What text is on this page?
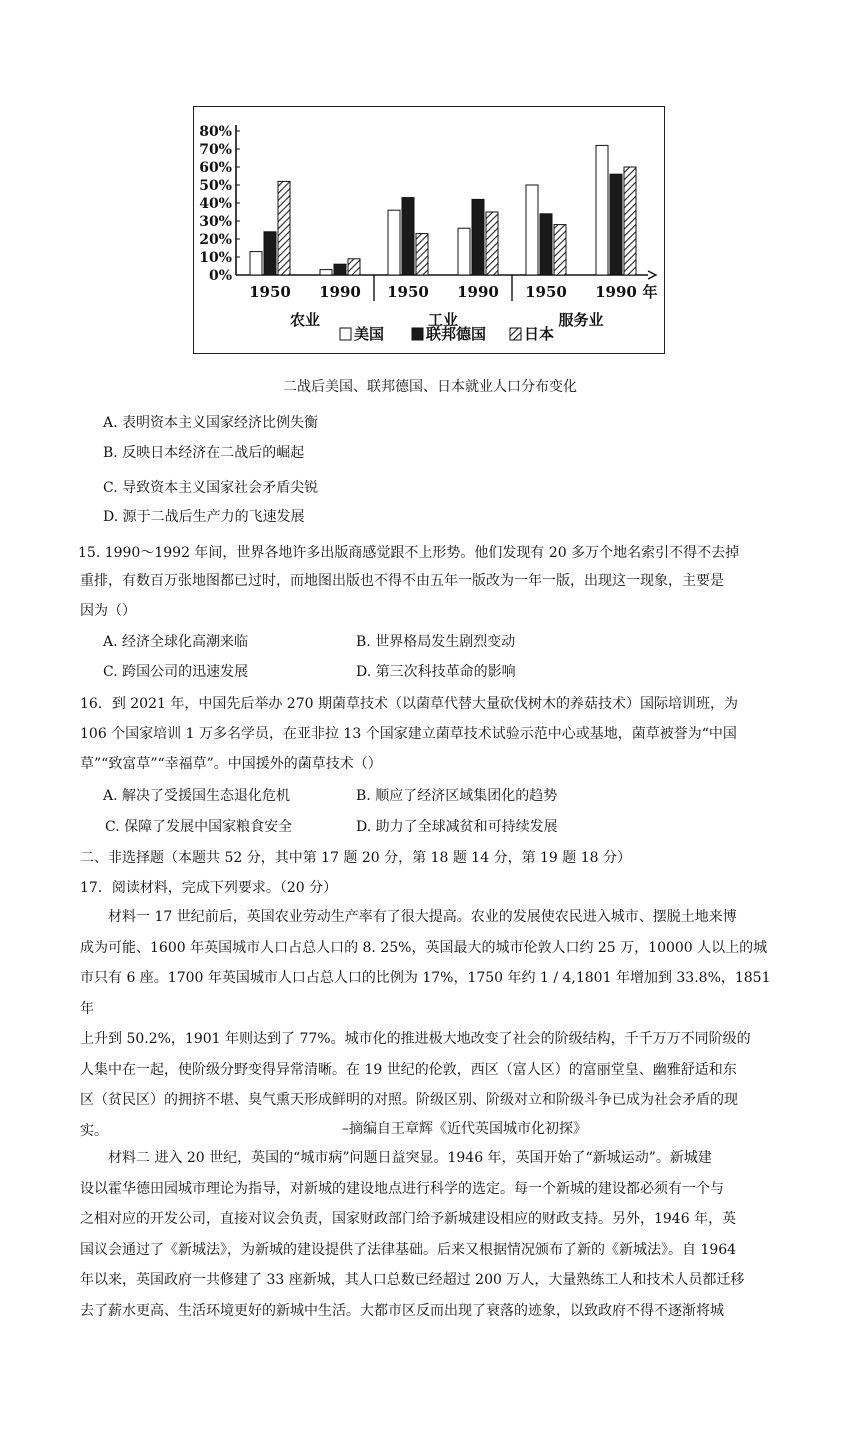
80%
70%
60%
50%
40%
30%
20%
10%
0%
1950 1990 1950 1990 1950 1990
农业	工业	服务业
年
美国	联邦德国	日本
二战后美国、联邦德国、日本就业人口分布变化
A. 表明资本主义国家经济比例失衡
B. 反映日本经济在二战后的崛起
C. 导致资本主义国家社会矛盾尖锐
D. 源于二战后生产力的飞速发展
15. 1990～1992 年间，世界各地许多出版商感觉跟不上形势。他们发现有 20 多万个地名索引不得不去掉
重排，有数百万张地图都已过时，而地图出版也不得不由五年一版改为一年一版，出现这一现象，主要是
因为（）
A. 经济全球化高潮来临	B. 世界格局发生剧烈变动
C. 跨国公司的迅速发展	D. 第三次科技革命的影响
16．到 2021 年，中国先后举办 270 期菌草技术（以菌草代替大量砍伐树木的养菇技术）国际培训班，为
106 个国家培训 1 万多名学员，在亚非拉 13 个国家建立菌草技术试验示范中心或基地，菌草被誉为“中国
草”“致富草”“幸福草”。中国援外的菌草技术（）
A. 解决了受援国生态退化危机	B. 顺应了经济区域集团化的趋势
C. 保障了发展中国家粮食安全	D. 助力了全球减贫和可持续发展
二、非选择题（本题共 52 分，其中第 17 题 20 分，第 18 题 14 分，第 19 题 18 分）
17．阅读材料，完成下列要求。（20 分）
材料一 17 世纪前后，英国农业劳动生产率有了很大提高。农业的发展使农民进入城市、摆脱土地来博
成为可能、1600 年英国城市人口占总人口的 8. 25%，英国最大的城市伦敦人口约 25 万，10000 人以上的城
市只有 6 座。1700 年英国城市人口占总人口的比例为 17%，1750 年约 1 / 4,1801 年增加到 33.8%，1851 年
上升到 50.2%，1901 年则达到了 77%。城市化的推进极大地改变了社会的阶级结构，千千万万不同阶级的
人集中在一起，使阶级分野变得异常清晰。在 19 世纪的伦敦，西区（富人区）的富丽堂皇、幽雅舒适和东
区（贫民区）的拥挤不堪、臭气熏天形成鲜明的对照。阶级区别、阶级对立和阶级斗争已成为社会矛盾的现
实。	–摘编自王章辉《近代英国城市化初探》
材料二 进入 20 世纪，英国的“城市病”问题日益突显。1946 年，英国开始了“新城运动”。新城建
设以霍华德田园城市理论为指导，对新城的建设地点进行科学的选定。每一个新城的建设都必须有一个与
之相对应的开发公司，直接对议会负责，国家财政部门给予新城建设相应的财政支持。另外，1946 年，英
国议会通过了《新城法》，为新城的建设提供了法律基础。后来又根据情况颁布了新的《新城法》。自 1964
年以来，英国政府一共修建了 33 座新城，其人口总数已经超过 200 万人，大量熟练工人和技术人员都迁移
去了薪水更高、生活环境更好的新城中生活。大都市区反而出现了衰落的迹象，以致政府不得不逐渐将城
